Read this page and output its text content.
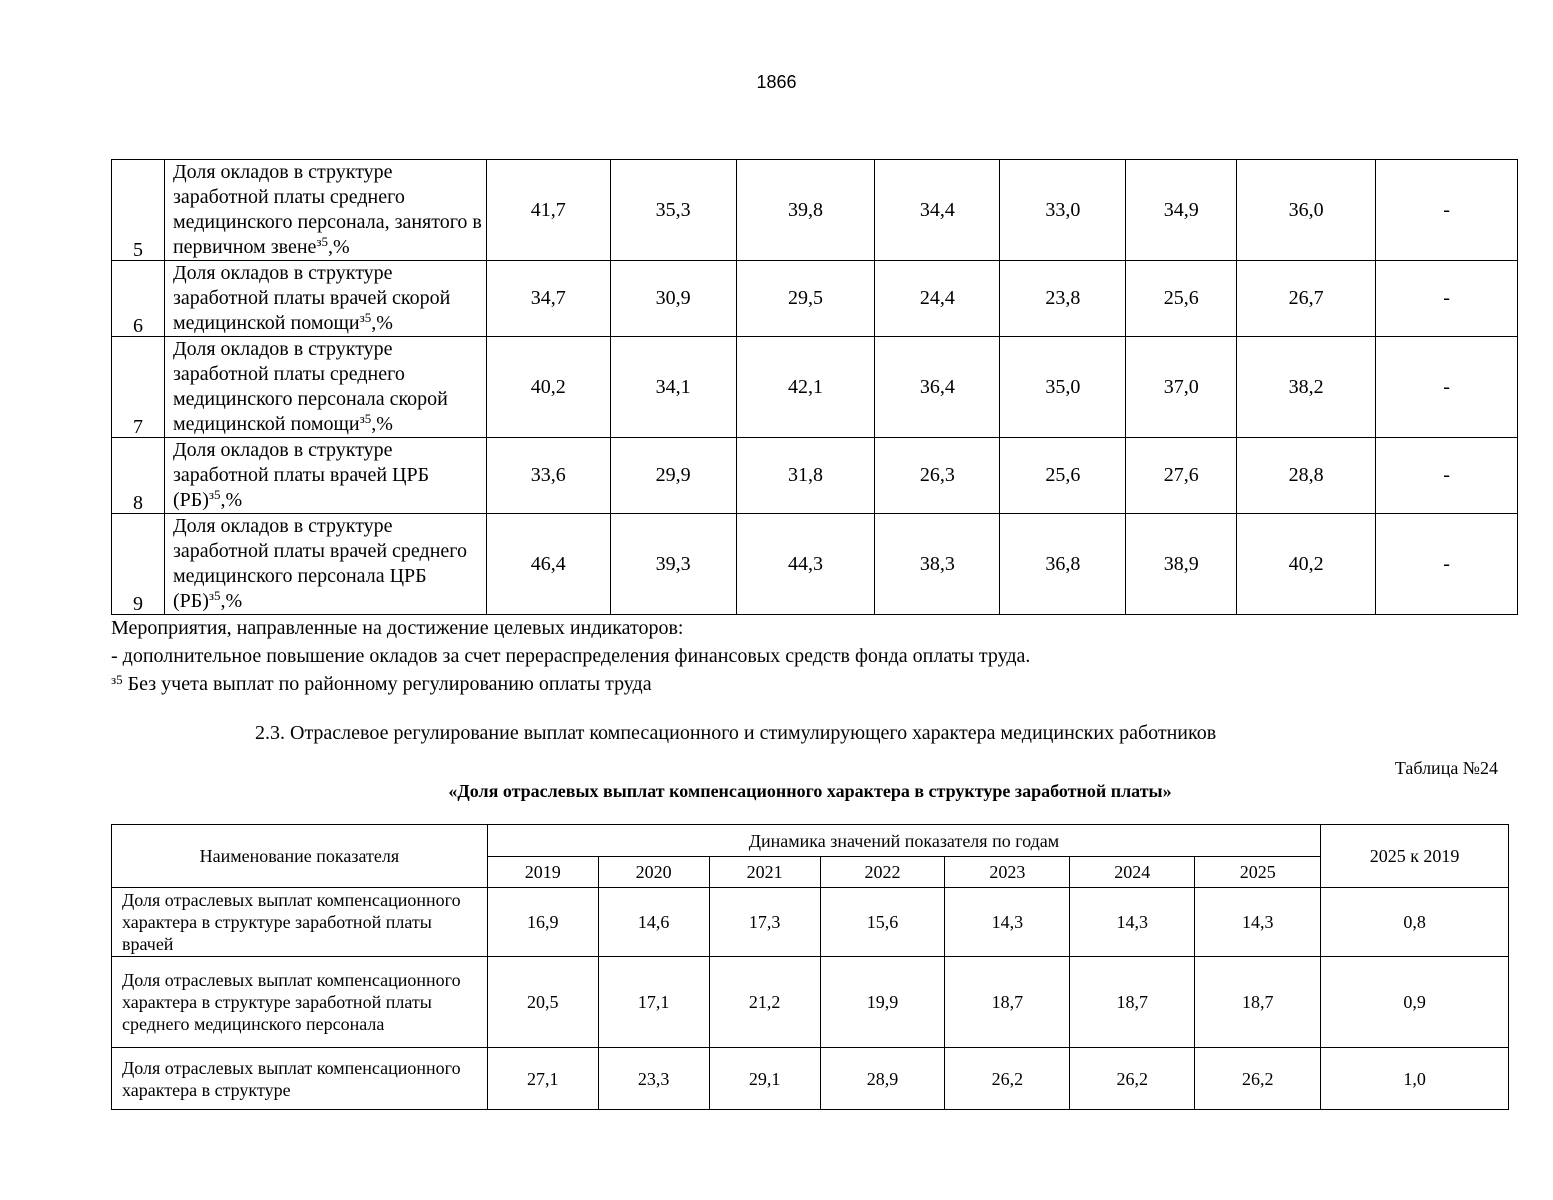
1866
5	Доля окладов в структуре заработной платы среднего медицинского персонала, занятого в первичном звене$^{з5}$,%	41,7	35,3	39,8	34,4	33,0	34,9	36,0	-
6	Доля окладов в структуре заработной платы врачей скорой медицинской помощи$^{з5}$,%	34,7	30,9	29,5	24,4	23,8	25,6	26,7	-
7	Доля окладов в структуре заработной платы среднего медицинского персонала скорой медицинской помощи$^{з5}$,%	40,2	34,1	42,1	36,4	35,0	37,0	38,2	-
8	Доля окладов в структуре заработной платы врачей ЦРБ (РБ)$^{з5}$,%	33,6	29,9	31,8	26,3	25,6	27,6	28,8	-
9	Доля окладов в структуре заработной платы врачей среднего медицинского персонала ЦРБ (РБ)$^{з5}$,%	46,4	39,3	44,3	38,3	36,8	38,9	40,2	-
Мероприятия, направленные на достижение целевых индикаторов:
- дополнительное повышение окладов за счет перераспределения финансовых средств фонда оплаты труда.
$^{з5}$ Без учета выплат по районному регулированию оплаты труда
2.3. Отраслевое регулирование выплат компесационного и стимулирующего характера медицинских работников
Таблица №24
«Доля отраслевых выплат компенсационного характера в структуре заработной платы»
Наименование показателя	Динамика значений показателя по годам							2025 к 2019
	2019	2020	2021	2022	2023	2024	2025	
Доля отраслевых выплат компенсационного характера в структуре заработной платы врачей	16,9	14,6	17,3	15,6	14,3	14,3	14,3	0,8
Доля отраслевых выплат компенсационного характера в структуре заработной платы среднего медицинского персонала	20,5	17,1	21,2	19,9	18,7	18,7	18,7	0,9
Доля отраслевых выплат компенсационного характера в структуре	27,1	23,3	29,1	28,9	26,2	26,2	26,2	1,0
